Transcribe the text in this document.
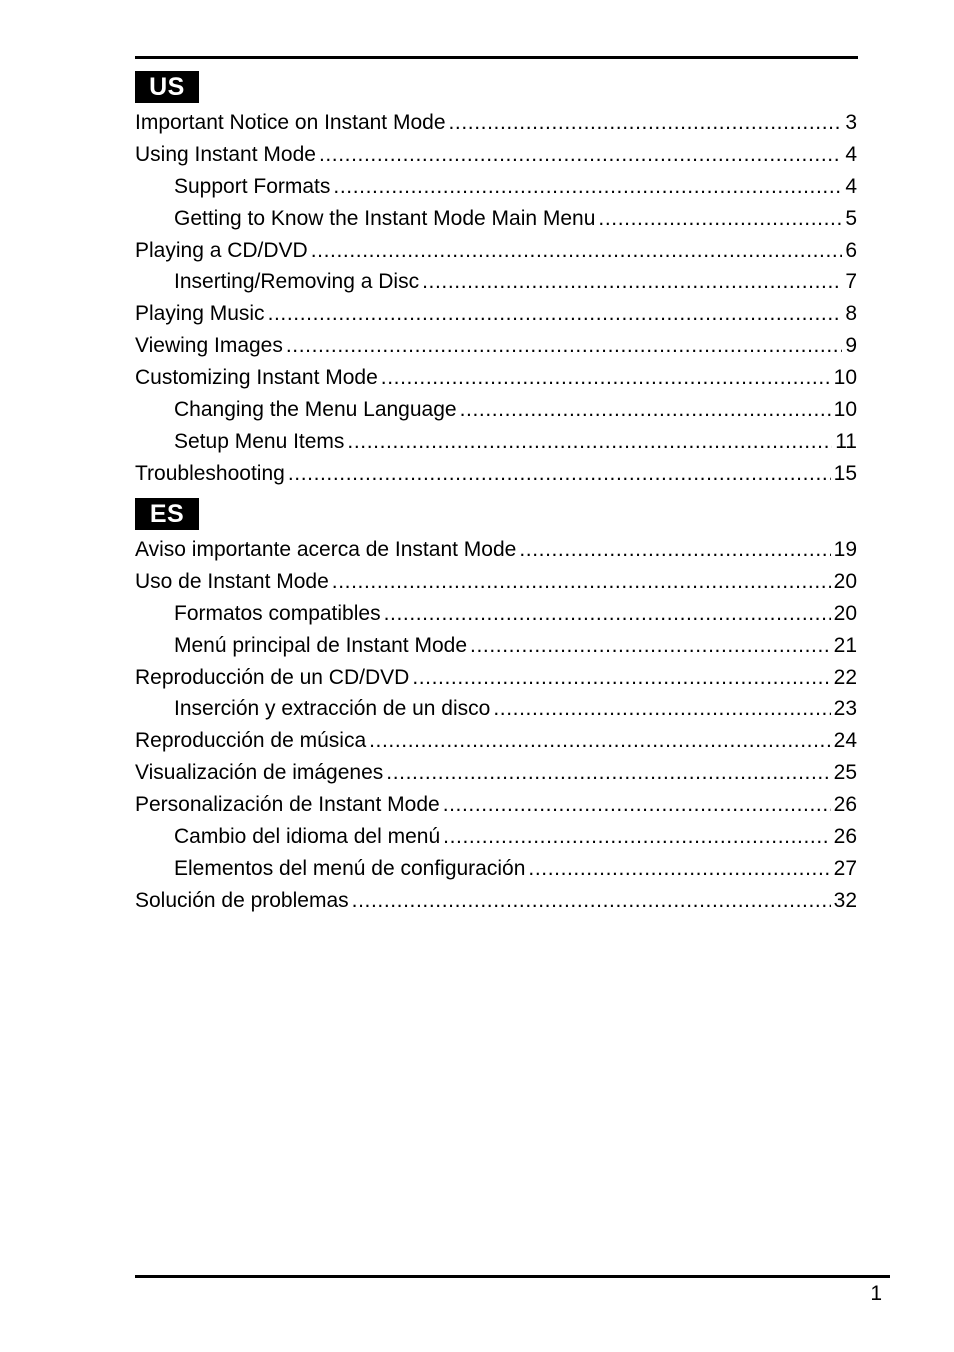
US
Important Notice on Instant Mode .....	3
Using Instant Mode .....	4
Support Formats .....	4
Getting to Know the Instant Mode Main Menu .....	5
Playing a CD/DVD .....	6
Inserting/Removing a Disc .....	7
Playing Music .....	8
Viewing Images .....	9
Customizing Instant Mode .....	10
Changing the Menu Language .....	10
Setup Menu Items .....	11
Troubleshooting .....	15
ES
Aviso importante acerca de Instant Mode .....	19
Uso de Instant Mode .....	20
Formatos compatibles .....	20
Menú principal de Instant Mode .....	21
Reproducción de un CD/DVD .....	22
Inserción y extracción de un disco .....	23
Reproducción de música .....	24
Visualización de imágenes .....	25
Personalización de Instant Mode .....	26
Cambio del idioma del menú .....	26
Elementos del menú de configuración .....	27
Solución de problemas .....	32
1
